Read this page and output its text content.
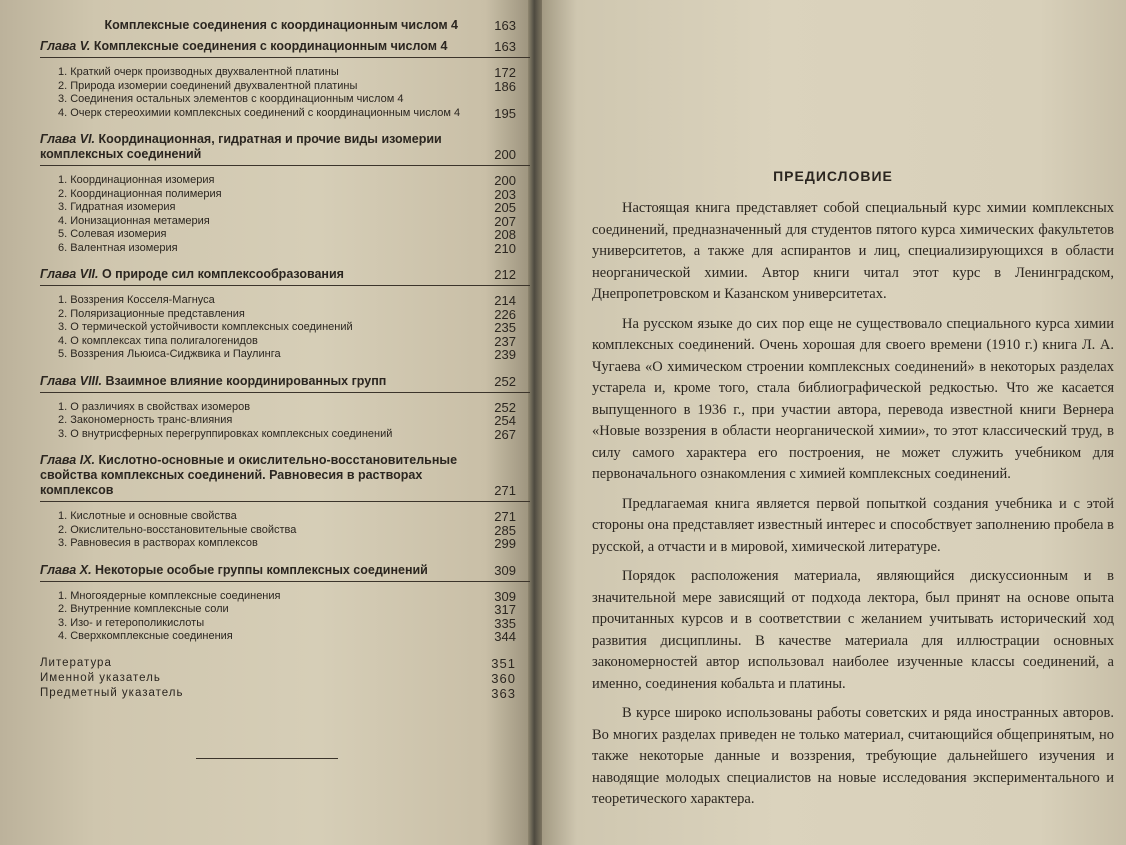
Комплексные соединения с координационным числом 4	163
Глава V. Комплексные соединения с координационным числом 4	163
1. Краткий очерк производных двухвалентной платины	172
2. Природа изомерии соединений двухвалентной платины	186
3. Соединения остальных элементов с координационным числом 4
4. Очерк стереохимии комплексных соединений с координационным числом 4	195
Глава VI. Координационная, гидратная и прочие виды изомерии комплексных соединений	200
1. Координационная изомерия	200
2. Координационная полимерия	203
3. Гидратная изомерия	205
4. Ионизационная метамерия	207
5. Солевая изомерия	208
6. Валентная изомерия	210
Глава VII. О природе сил комплексообразования	212
1. Воззрения Косселя-Магнуса	214
2. Поляризационные представления	226
3. О термической устойчивости комплексных соединений	235
4. О комплексах типа полигалогенидов	237
5. Воззрения Льюиса-Сиджвика и Паулинга	239
Глава VIII. Взаимное влияние координированных групп	252
1. О различиях в свойствах изомеров	252
2. Закономерность транс-влияния	254
3. О внутрисферных перегруппировках комплексных соединений	267
Глава IX. Кислотно-основные и окислительно-восстановительные свойства комплексных соединений. Равновесия в растворах комплексов	271
1. Кислотные и основные свойства	271
2. Окислительно-восстановительные свойства	285
3. Равновесия в растворах комплексов	299
Глава X. Некоторые особые группы комплексных соединений	309
1. Многоядерные комплексные соединения	309
2. Внутренние комплексные соли	317
3. Изо- и гетерополикислоты	335
4. Сверхкомплексные соединения	344
Литература	351
Именной указатель	360
Предметный указатель	363
ПРЕДИСЛОВИЕ

Настоящая книга представляет собой специальный курс химии комплексных соединений, предназначенный для студентов пятого курса химических факультетов университетов, а также для аспирантов и лиц, специализирующихся в области неорганической химии. Автор книги читал этот курс в Ленинградском, Днепропетровском и Казанском университетах.

На русском языке до сих пор еще не существовало специального курса химии комплексных соединений. Очень хорошая для своего времени (1910 г.) книга Л. А. Чугаева «О химическом строении комплексных соединений» в некоторых разделах устарела и, кроме того, стала библиографической редкостью. Что же касается выпущенного в 1936 г., при участии автора, перевода известной книги Вернера «Новые воззрения в области неорганической химии», то этот классический труд, в силу самого характера его построения, не может служить учебником для первоначального ознакомления с химией комплексных соединений.

Предлагаемая книга является первой попыткой создания учебника и с этой стороны она представляет известный интерес и способствует заполнению пробела в русской, а отчасти и в мировой, химической литературе.

Порядок расположения материала, являющийся дискуссионным и в значительной мере зависящий от подхода лектора, был принят на основе опыта прочитанных курсов и в соответствии с желанием учитывать исторический ход развития дисциплины. В качестве материала для иллюстрации основных закономерностей автор использовал наиболее изученные классы соединений, а именно, соединения кобальта и платины.

В курсе широко использованы работы советских и ряда иностранных авторов. Во многих разделах приведен не только материал, считающийся общепринятым, но также некоторые данные и воззрения, требующие дальнейшего изучения и наводящие молодых специалистов на новые исследования экспериментального и теоретического характера.
